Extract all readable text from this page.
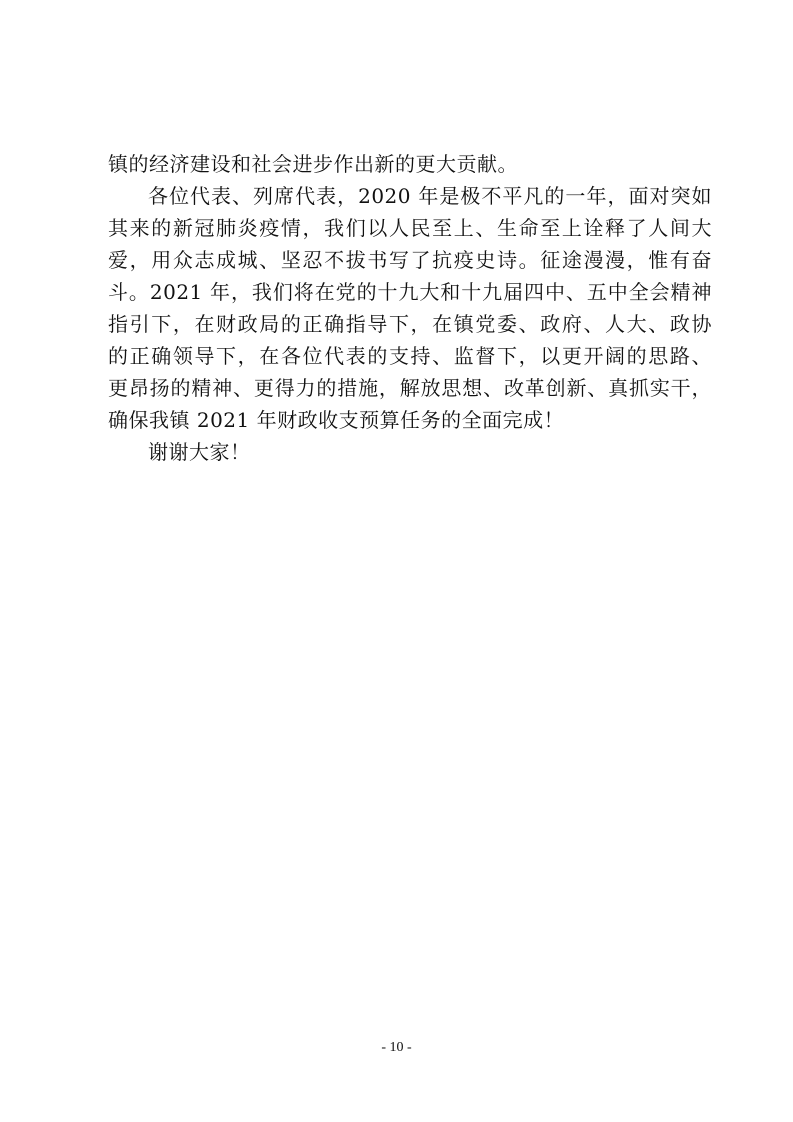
镇的经济建设和社会进步作出新的更大贡献。
各位代表、列席代表，2020 年是极不平凡的一年，面对突如
其来的新冠肺炎疫情，我们以人民至上、生命至上诠释了人间大
爱，用众志成城、坚忍不拔书写了抗疫史诗。征途漫漫，惟有奋
斗。2021 年，我们将在党的十九大和十九届四中、五中全会精神
指引下，在财政局的正确指导下，在镇党委、政府、人大、政协
的正确领导下，在各位代表的支持、监督下，以更开阔的思路、
更昂扬的精神、更得力的措施，解放思想、改革创新、真抓实干，
确保我镇 2021 年财政收支预算任务的全面完成！
谢谢大家！
- 10 -
